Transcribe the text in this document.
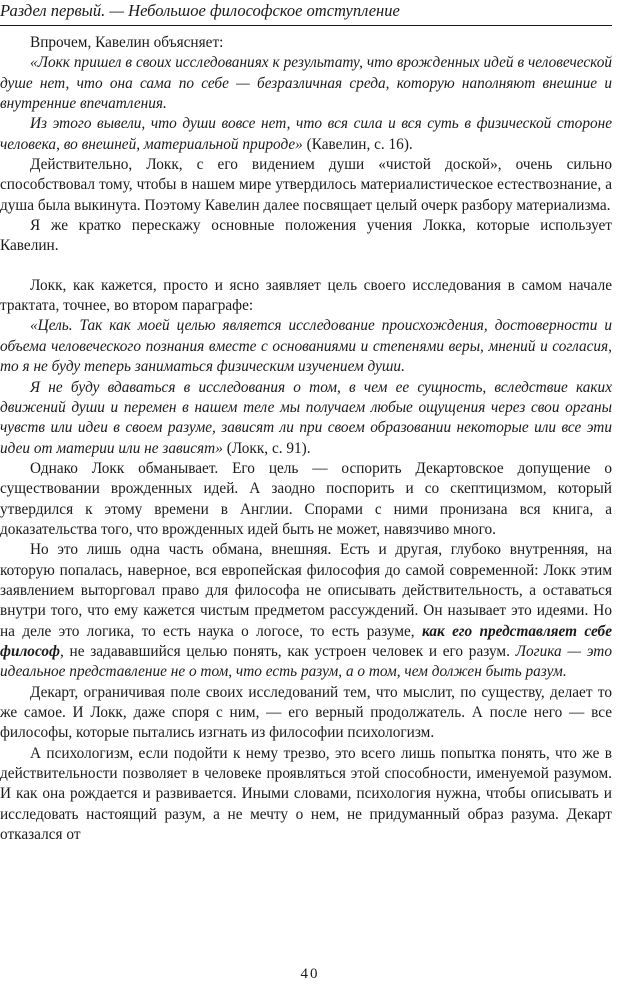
Раздел первый. — Небольшое философское отступление

Впрочем, Кавелин объясняет:

«Локк пришел в своих исследованиях к результату, что врожденных идей в человеческой душе нет, что она сама по себе — безразличная среда, которую наполняют внешние и внутренние впечатления.

Из этого вывели, что души вовсе нет, что вся сила и вся суть в физической стороне человека, во внешней, материальной природе» (Кавелин, с. 16).

Действительно, Локк, с его видением души «чистой доской», очень сильно способствовал тому, чтобы в нашем мире утвердилось материалистическое естествознание, а душа была выкинута. Поэтому Кавелин далее посвящает целый очерк разбору материализма.

Я же кратко перескажу основные положения учения Локка, которые использует Кавелин.

Локк, как кажется, просто и ясно заявляет цель своего исследования в самом начале трактата, точнее, во втором параграфе:

«Цель. Так как моей целью является исследование происхождения, достоверности и объема человеческого познания вместе с основаниями и степенями веры, мнений и согласия, то я не буду теперь заниматься физическим изучением души.

Я не буду вдаваться в исследования о том, в чем ее сущность, вследствие каких движений души и перемен в нашем теле мы получаем любые ощущения через свои органы чувств или идеи в своем разуме, зависят ли при своем образовании некоторые или все эти идеи от материи или не зависят» (Локк, с. 91).

Однако Локк обманывает. Его цель — оспорить Декартовское допущение о существовании врожденных идей. А заодно поспорить и со скептицизмом, который утвердился к этому времени в Англии. Спорами с ними пронизана вся книга, а доказательства того, что врожденных идей быть не может, навязчиво много.

Но это лишь одна часть обмана, внешняя. Есть и другая, глубоко внутренняя, на которую попалась, наверное, вся европейская философия до самой современной: Локк этим заявлением выторговал право для философа не описывать действительность, а оставаться внутри того, что ему кажется чистым предметом рассуждений. Он называет это идеями. Но на деле это логика, то есть наука о логосе, то есть разуме, как его представляет себе философ, не задававшийся целью понять, как устроен человек и его разум. Логика — это идеальное представление не о том, что есть разум, а о том, чем должен быть разум.

Декарт, ограничивая поле своих исследований тем, что мыслит, по существу, делает то же самое. И Локк, даже споря с ним, — его верный продолжатель. А после него — все философы, которые пытались изгнать из философии психологизм.

А психологизм, если подойти к нему трезво, это всего лишь попытка понять, что же в действительности позволяет в человеке проявляться этой способности, именуемой разумом. И как она рождается и развивается. Иными словами, психология нужна, чтобы описывать и исследовать настоящий разум, а не мечту о нем, не придуманный образ разума. Декарт отказался от

40
